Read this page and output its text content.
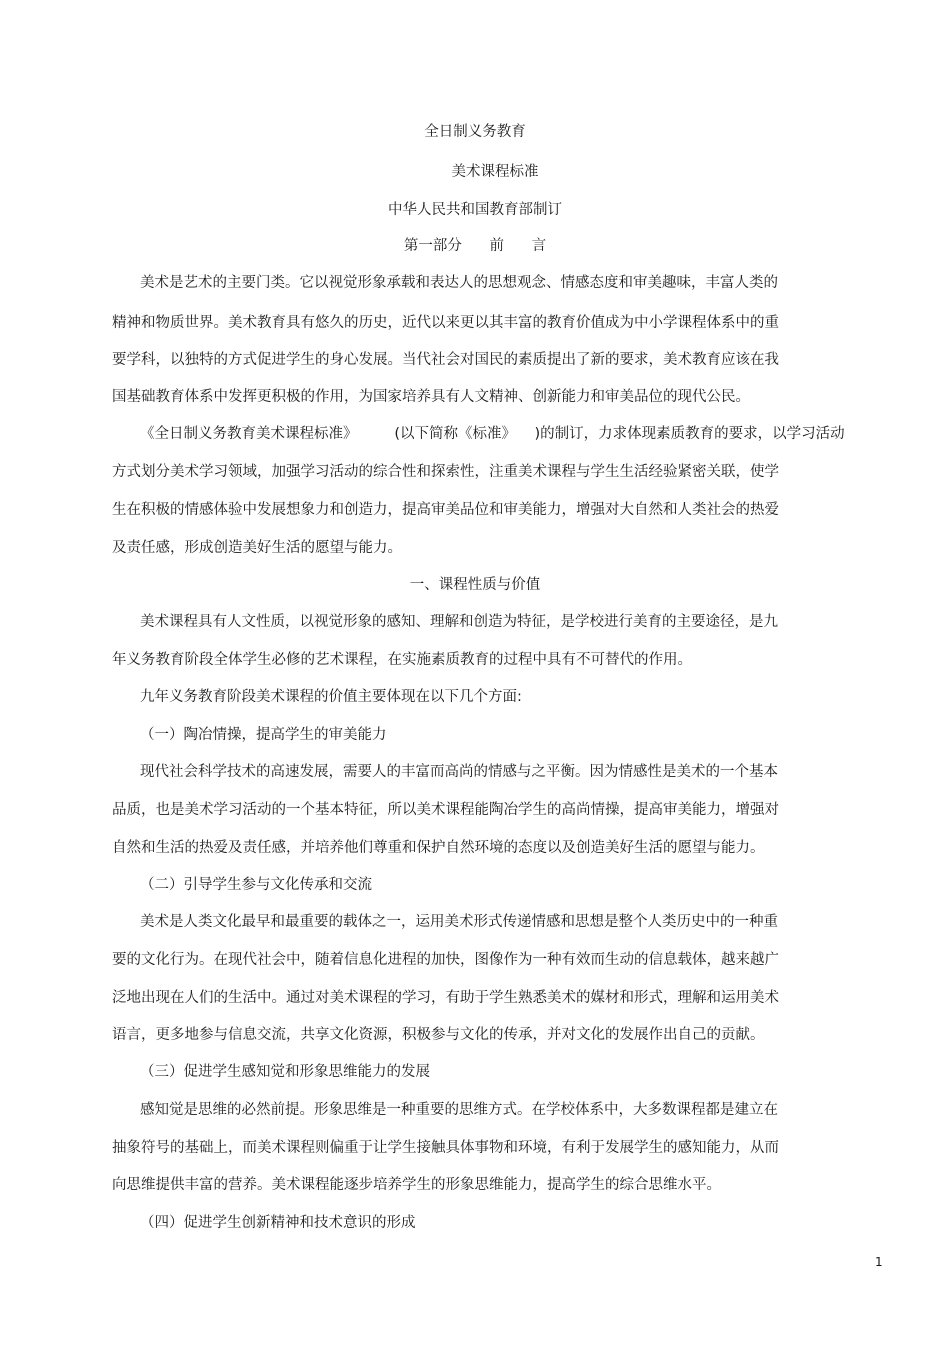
全日制义务教育
美术课程标准
中华人民共和国教育部制订
第一部分      前      言
美术是艺术的主要门类。它以视觉形象承载和表达人的思想观念、情感态度和审美趣味，丰富人类的
精神和物质世界。美术教育具有悠久的历史，近代以来更以其丰富的教育价值成为中小学课程体系中的重
要学科，以独特的方式促进学生的身心发展。当代社会对国民的素质提出了新的要求，美术教育应该在我
国基础教育体系中发挥更积极的作用，为国家培养具有人文精神、创新能力和审美品位的现代公民。
《全日制义务教育美术课程标准》        (以下简称《标准》    )的制订，力求体现素质教育的要求，以学习活动
方式划分美术学习领域，加强学习活动的综合性和探索性，注重美术课程与学生生活经验紧密关联，使学
生在积极的情感体验中发展想象力和创造力，提高审美品位和审美能力，增强对大自然和人类社会的热爱
及责任感，形成创造美好生活的愿望与能力。
一、课程性质与价值
美术课程具有人文性质，以视觉形象的感知、理解和创造为特征，是学校进行美育的主要途径，是九
年义务教育阶段全体学生必修的艺术课程，在实施素质教育的过程中具有不可替代的作用。
九年义务教育阶段美术课程的价值主要体现在以下几个方面:
（一）陶冶情操，提高学生的审美能力
现代社会科学技术的高速发展，需要人的丰富而高尚的情感与之平衡。因为情感性是美术的一个基本
品质，也是美术学习活动的一个基本特征，所以美术课程能陶冶学生的高尚情操，提高审美能力，增强对
自然和生活的热爱及责任感，并培养他们尊重和保护自然环境的态度以及创造美好生活的愿望与能力。
（二）引导学生参与文化传承和交流
美术是人类文化最早和最重要的载体之一，运用美术形式传递情感和思想是整个人类历史中的一种重
要的文化行为。在现代社会中，随着信息化进程的加快，图像作为一种有效而生动的信息载体，越来越广
泛地出现在人们的生活中。通过对美术课程的学习，有助于学生熟悉美术的媒材和形式，理解和运用美术
语言，更多地参与信息交流，共享文化资源，积极参与文化的传承，并对文化的发展作出自己的贡献。
（三）促进学生感知觉和形象思维能力的发展
感知觉是思维的必然前提。形象思维是一种重要的思维方式。在学校体系中，大多数课程都是建立在
抽象符号的基础上，而美术课程则偏重于让学生接触具体事物和环境，有利于发展学生的感知能力，从而
向思维提供丰富的营养。美术课程能逐步培养学生的形象思维能力，提高学生的综合思维水平。
（四）促进学生创新精神和技术意识的形成
1
